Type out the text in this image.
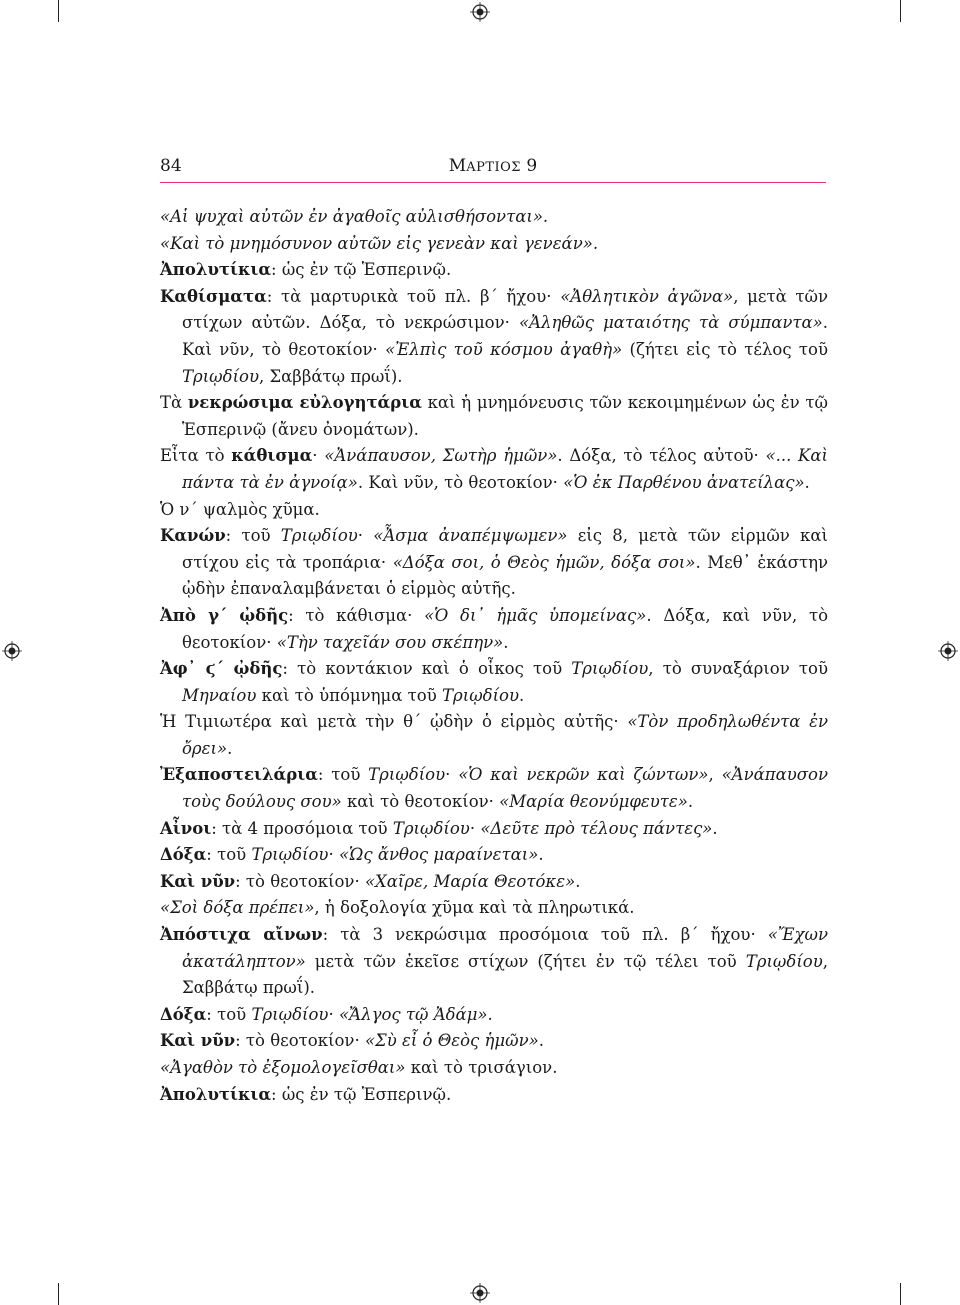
84	ΜΑΡΤΙΟΣ 9

«Αἱ ψυχαὶ αὐτῶν ἐν ἀγαθοῖς αὐλισθήσονται».

«Καὶ τὸ μνημόσυνον αὐτῶν εἰς γενεὰν καὶ γενεάν».

Ἀπολυτίκια: ὡς ἐν τῷ Ἑσπερινῷ.

Καθίσματα: τὰ μαρτυρικὰ τοῦ πλ. β΄ ἤχου· «Ἀθλητικὸν ἀγῶνα», μετὰ τῶν στίχων αὐτῶν. Δόξα, τὸ νεκρώσιμον· «Ἀληθῶς ματαιότης τὰ σύμπαντα». Καὶ νῦν, τὸ θεοτοκίον· «Ἐλπὶς τοῦ κόσμου ἀγαθὴ» (ζήτει εἰς τὸ τέλος τοῦ Τριῳδίου, Σαββάτῳ πρωΐ).

Τὰ νεκρώσιμα εὐλογητάρια καὶ ἡ μνημόνευσις τῶν κεκοιμημένων ὡς ἐν τῷ Ἑσπερινῷ (ἄνευ ὀνομάτων).

Εἶτα τὸ κάθισμα· «Ἀνάπαυσον, Σωτὴρ ἡμῶν». Δόξα, τὸ τέλος αὐτοῦ· «... Καὶ πάντα τὰ ἐν ἀγνοίᾳ». Καὶ νῦν, τὸ θεοτοκίον· «Ὁ ἐκ Παρθένου ἀνατείλας».

Ὁ ν΄ ψαλμὸς χῦμα.

Κανών: τοῦ Τριῳδίου· «Ἆσμα ἀναπέμψωμεν» εἰς 8, μετὰ τῶν εἱρμῶν καὶ στίχου εἰς τὰ τροπάρια· «Δόξα σοι, ὁ Θεὸς ἡμῶν, δόξα σοι». Μεθ᾽ ἑκάστην ᾠδὴν ἐπαναλαμβάνεται ὁ εἱρμὸς αὐτῆς.

Ἀπὸ γ΄ ᾠδῆς: τὸ κάθισμα· «Ὁ δι᾽ ἡμᾶς ὑπομείνας». Δόξα, καὶ νῦν, τὸ θεοτοκίον· «Τὴν ταχεῖάν σου σκέπην».

Ἀφ᾽ ϛ΄ ᾠδῆς: τὸ κοντάκιον καὶ ὁ οἶκος τοῦ Τριῳδίου, τὸ συναξάριον τοῦ Μηναίου καὶ τὸ ὑπόμνημα τοῦ Τριῳδίου.

Ἡ Τιμιωτέρα καὶ μετὰ τὴν θ΄ ᾠδὴν ὁ εἱρμὸς αὐτῆς· «Τὸν προδηλωθέντα ἐν ὄρει».

Ἐξαποστειλάρια: τοῦ Τριῳδίου· «Ὁ καὶ νεκρῶν καὶ ζώντων», «Ἀνάπαυσον τοὺς δούλους σου» καὶ τὸ θεοτοκίον· «Μαρία θεονύμφευτε».

Αἶνοι: τὰ 4 προσόμοια τοῦ Τριῳδίου· «Δεῦτε πρὸ τέλους πάντες».

Δόξα: τοῦ Τριῳδίου· «Ὡς ἄνθος μαραίνεται».

Καὶ νῦν: τὸ θεοτοκίον· «Χαῖρε, Μαρία Θεοτόκε».

«Σοὶ δόξα πρέπει», ἡ δοξολογία χῦμα καὶ τὰ πληρωτικά.

Ἀπόστιχα αἴνων: τὰ 3 νεκρώσιμα προσόμοια τοῦ πλ. β΄ ἤχου· «Ἔχων ἀκατάληπτον» μετὰ τῶν ἐκεῖσε στίχων (ζήτει ἐν τῷ τέλει τοῦ Τριῳδίου, Σαββάτῳ πρωΐ).

Δόξα: τοῦ Τριῳδίου· «Ἄλγος τῷ Ἀδάμ».

Καὶ νῦν: τὸ θεοτοκίον· «Σὺ εἶ ὁ Θεὸς ἡμῶν».

«Ἀγαθὸν τὸ ἐξομολογεῖσθαι» καὶ τὸ τρισάγιον.

Ἀπολυτίκια: ὡς ἐν τῷ Ἑσπερινῷ.
